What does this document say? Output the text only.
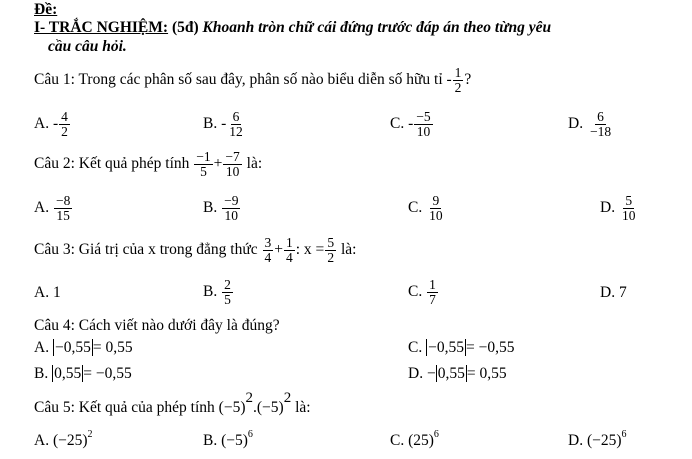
Đề:
I- TRẮC NGHIỆM: (5đ) Khoanh tròn chữ cái đứng trước đáp án theo từng yêu
cầu câu hỏi.
Câu 1: Trong các phân số sau đây, phân số nào biểu diễn số hữu tỉ - $\frac{1}{2}$ ?
A. - $\frac{4}{2}$	B. - $\frac{6}{12}$	C. - $\frac{-5}{10}$	D. $\frac{6}{-18}$
Câu 2: Kết quả phép tính $\frac{-1}{5} + \frac{-7}{10}$ là:
A. $\frac{-8}{15}$	B. $\frac{-9}{10}$	C. $\frac{9}{10}$	D. $\frac{5}{10}$
Câu 3: Giá trị của x trong đẳng thức $\frac{3}{4} + \frac{1}{4}$ : $x = \frac{5}{2}$ là:
A. 1	B. $\frac{2}{5}$	C. $\frac{1}{7}$	D. 7
Câu 4: Cách viết nào dưới đây là đúng?
A. −0,55 = 0,55	C. −0,55 = −0,55
B. 0,55 = −0,55	D. − 0,55 = 0,55
Câu 5: Kết quả của phép tính $(-5)^2.(-5)^2$ là:
A. $(-25)^2$	B. $(-5)^6$	C. $(25)^6$	D. $(-25)^6$
